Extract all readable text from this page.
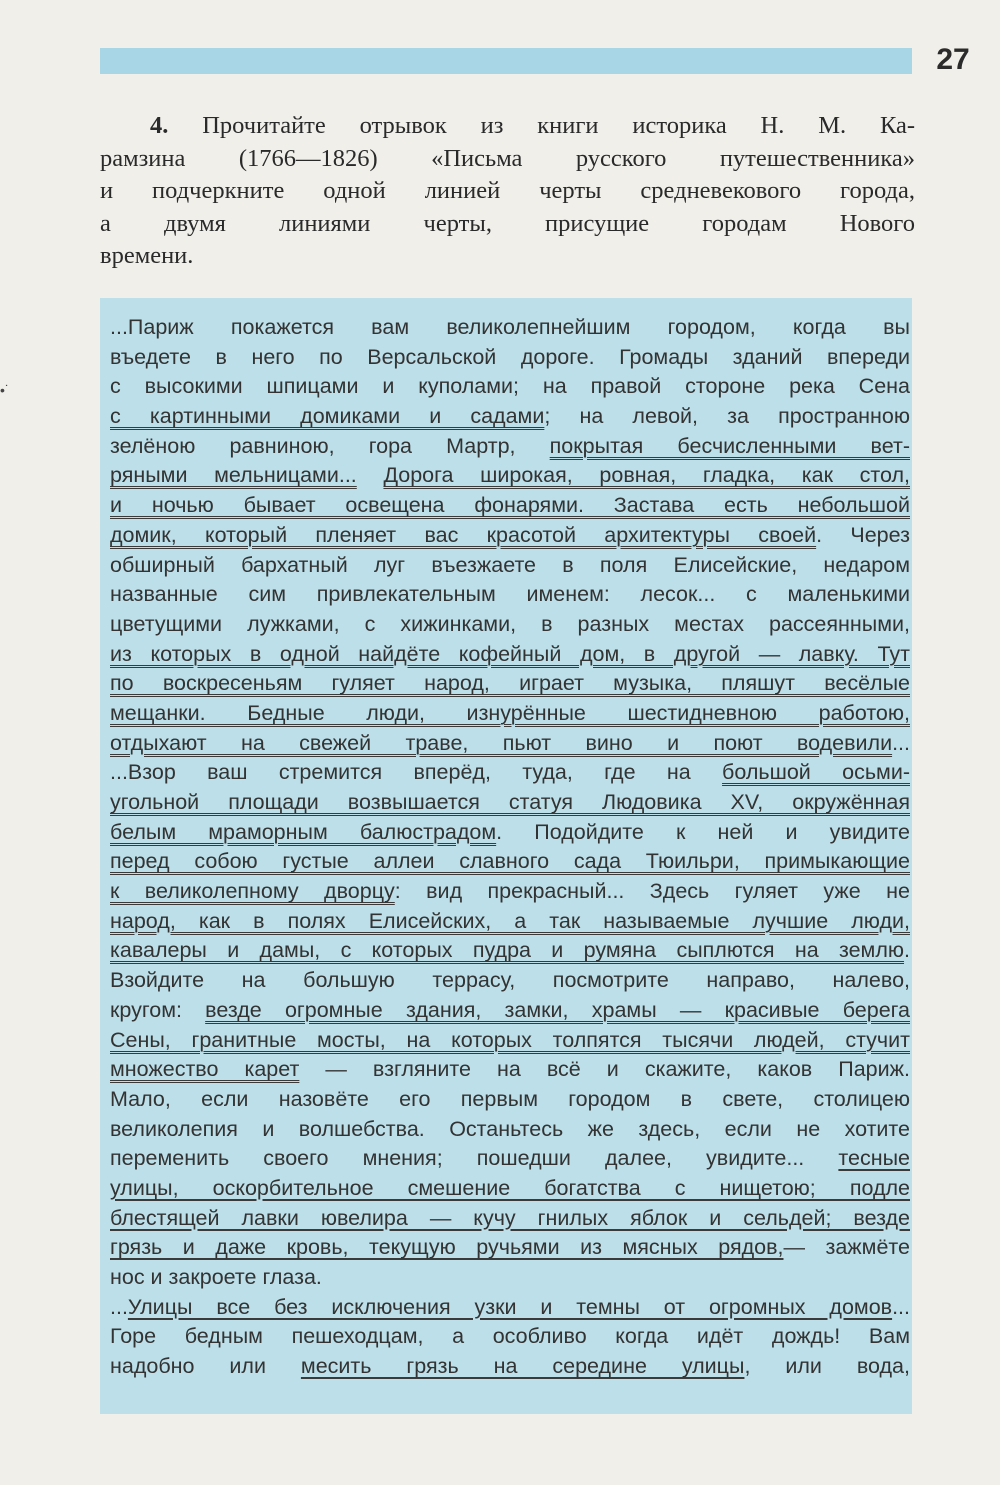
27
•˙
4. Прочитайте отрывок из книги историка Н. М. Ка-
рамзина (1766—1826) «Письма русского путешественника»
и подчеркните одной линией черты средневекового города,
а двумя линиями черты, присущие городам Нового
времени.
...Париж покажется вам великолепнейшим городом, когда вы
въедете в него по Версальской дороге. Громады зданий впереди
с высокими шпицами и куполами; на правой стороне река Сена
с картинными домиками и садами; на левой, за пространною
зелёною равниною, гора Мартр, покрытая бесчисленными вет-
ряными мельницами... Дорога широкая, ровная, гладка, как стол,
и ночью бывает освещена фонарями. Застава есть небольшой
домик, который пленяет вас красотой архитектуры своей. Через
обширный бархатный луг въезжаете в поля Елисейские, недаром
названные сим привлекательным именем: лесок... с маленькими
цветущими лужками, с хижинками, в разных местах рассеянными,
из которых в одной найдёте кофейный дом, в другой — лавку. Тут
по воскресеньям гуляет народ, играет музыка, пляшут весёлые
мещанки. Бедные люди, изнурённые шестидневною работою,
отдыхают на свежей траве, пьют вино и поют водевили...
...Взор ваш стремится вперёд, туда, где на большой осьми-
угольной площади возвышается статуя Людовика XV, окружённая
белым мраморным балюстрадом. Подойдите к ней и увидите
перед собою густые аллеи славного сада Тюильри, примыкающие
к великолепному дворцу: вид прекрасный... Здесь гуляет уже не
народ, как в полях Елисейских, а так называемые лучшие люди,
кавалеры и дамы, с которых пудра и румяна сыплются на землю.
Взойдите на большую террасу, посмотрите направо, налево,
кругом: везде огромные здания, замки, храмы — красивые берега
Сены, гранитные мосты, на которых толпятся тысячи людей, стучит
множество карет — взгляните на всё и скажите, каков Париж.
Мало, если назовёте его первым городом в свете, столицею
великолепия и волшебства. Останьтесь же здесь, если не хотите
переменить своего мнения; пошедши далее, увидите... тесные
улицы, оскорбительное смешение богатства с нищетою; подле
блестящей лавки ювелира — кучу гнилых яблок и сельдей; везде
грязь и даже кровь, текущую ручьями из мясных рядов,— зажмёте
нос и закроете глаза.
...Улицы все без исключения узки и темны от огромных домов...
Горе бедным пешеходцам, а особливо когда идёт дождь! Вам
надобно или месить грязь на середине улицы, или вода,
